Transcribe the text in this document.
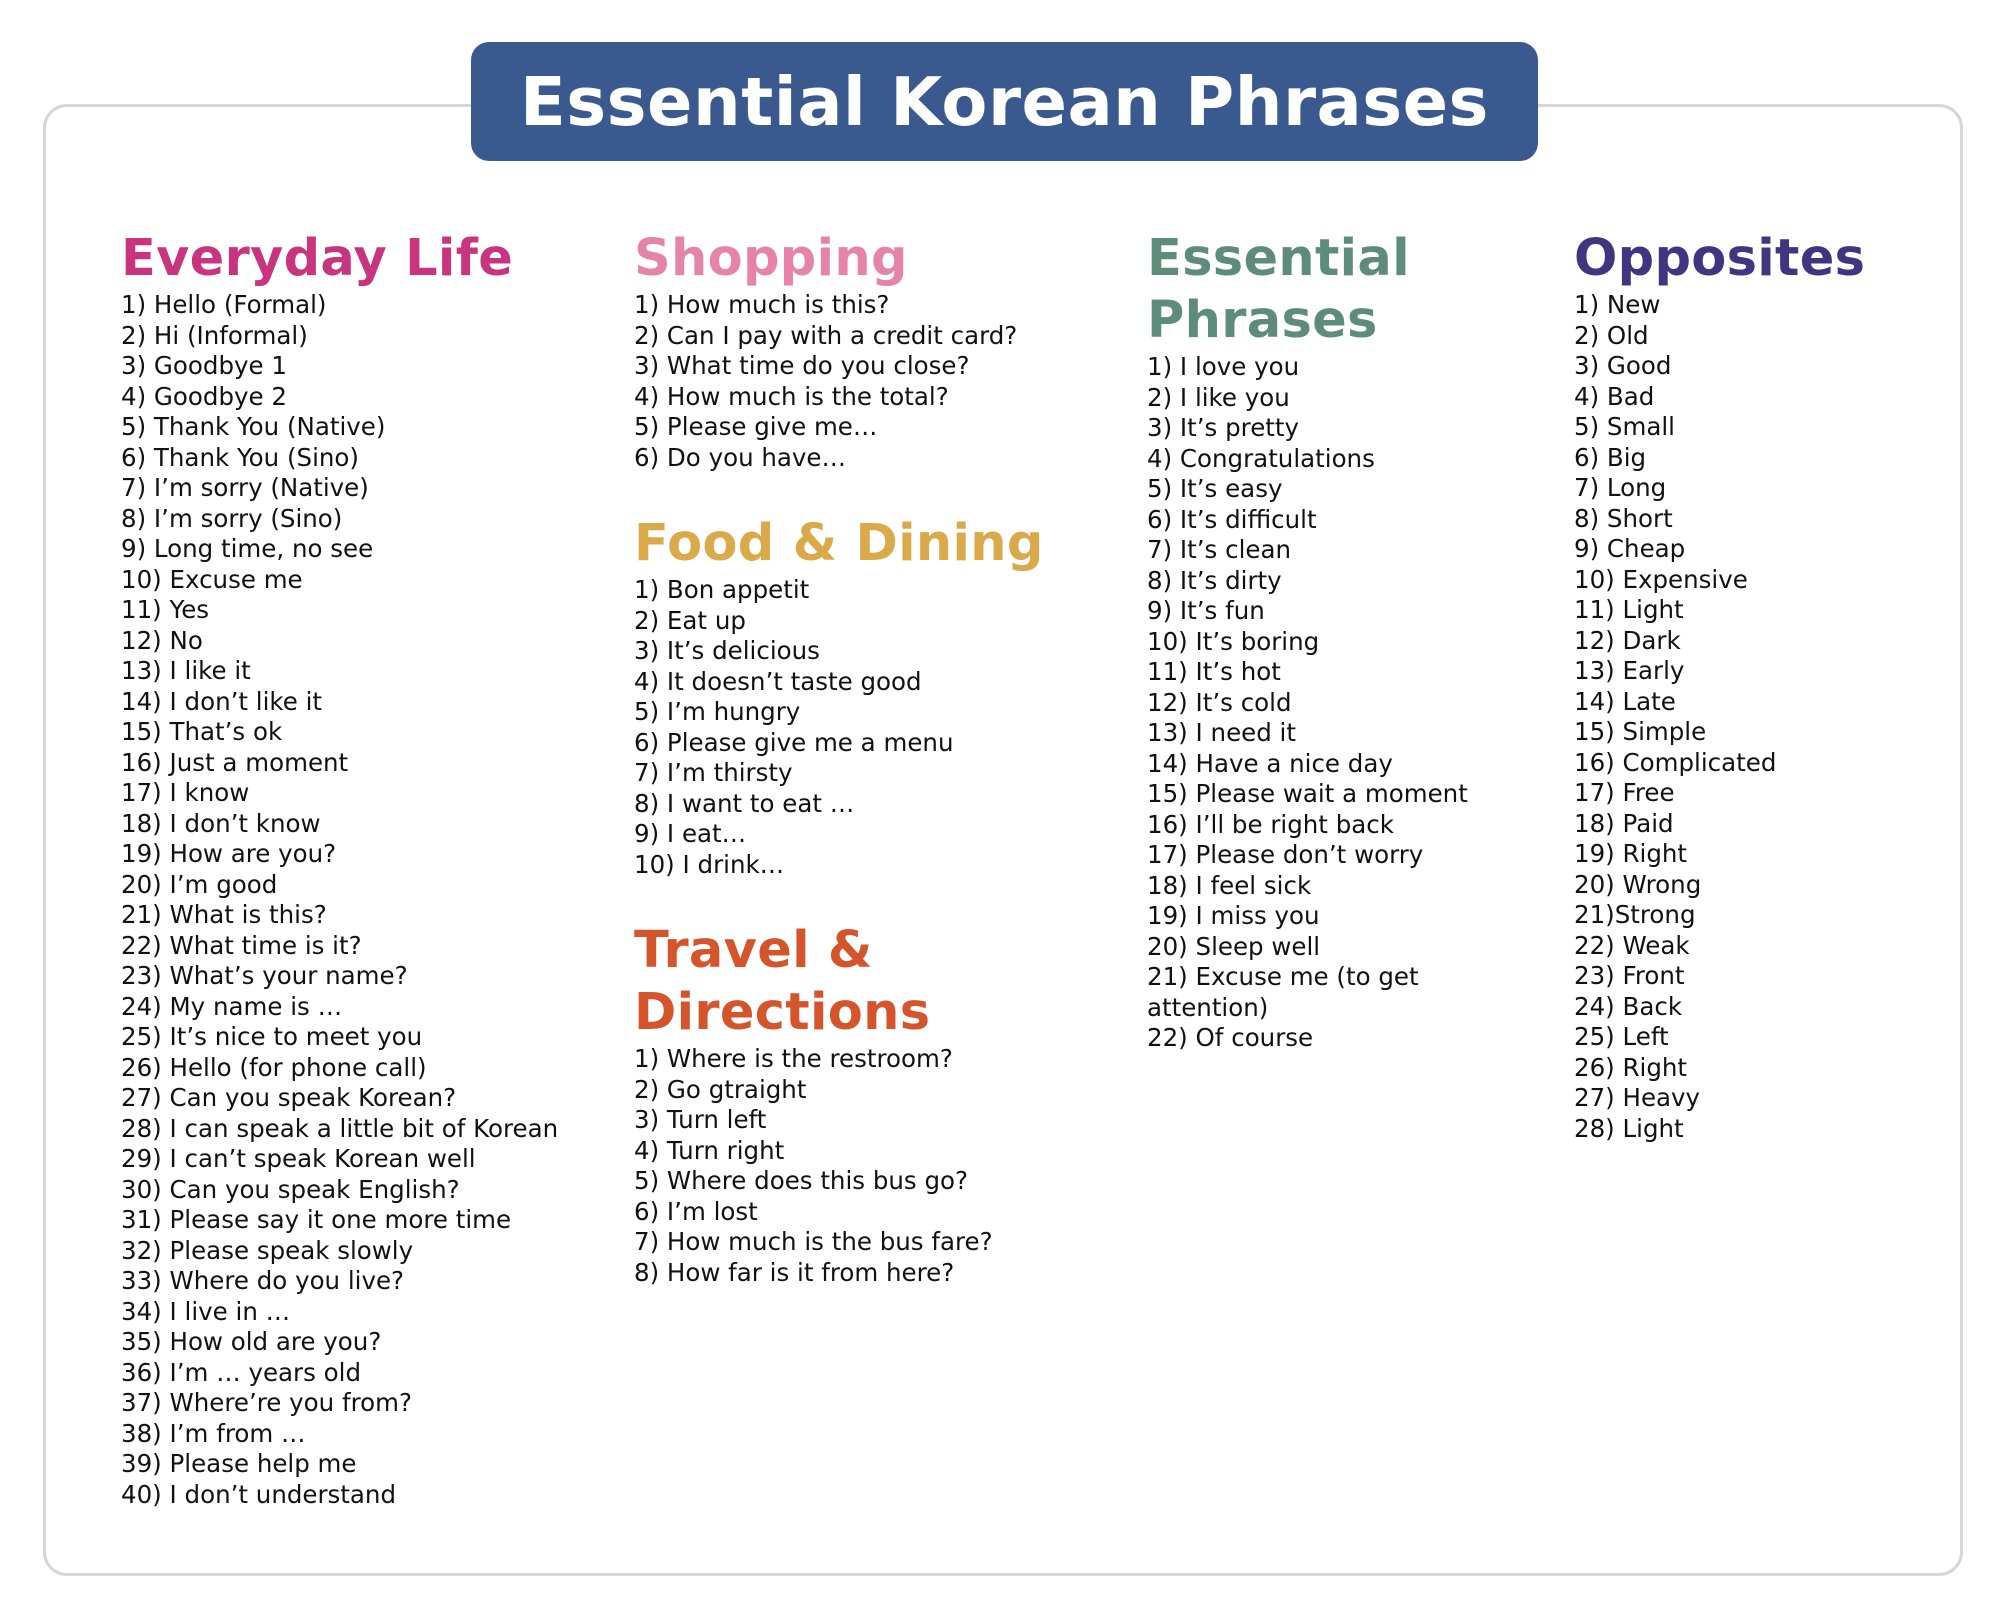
Essential Korean Phrases
Everyday Life
1) Hello (Formal)
2) Hi (Informal)
3) Goodbye 1
4) Goodbye 2
5) Thank You (Native)
6) Thank You (Sino)
7) I’m sorry (Native)
8) I’m sorry (Sino)
9) Long time, no see
10) Excuse me
11) Yes
12) No
13) I like it
14) I don’t like it
15) That’s ok
16) Just a moment
17) I know
18) I don’t know
19) How are you?
20) I’m good
21) What is this?
22) What time is it?
23) What’s your name?
24) My name is …
25) It’s nice to meet you
26) Hello (for phone call)
27) Can you speak Korean?
28) I can speak a little bit of Korean
29) I can’t speak Korean well
30) Can you speak English?
31) Please say it one more time
32) Please speak slowly
33) Where do you live?
34) I live in …
35) How old are you?
36) I’m … years old
37) Where’re you from?
38) I’m from …
39) Please help me
40) I don’t understand
Shopping
1) How much is this?
2) Can I pay with a credit card?
3) What time do you close?
4) How much is the total?
5) Please give me…
6) Do you have…
Food & Dining
1) Bon appetit
2) Eat up
3) It’s delicious
4) It doesn’t taste good
5) I’m hungry
6) Please give me a menu
7) I’m thirsty
8) I want to eat …
9) I eat…
10) I drink…
Travel &
Directions
1) Where is the restroom?
2) Go gtraight
3) Turn left
4) Turn right
5) Where does this bus go?
6) I’m lost
7) How much is the bus fare?
8) How far is it from here?
Essential
Phrases
1) I love you
2) I like you
3) It’s pretty
4) Congratulations
5) It’s easy
6) It’s difficult
7) It’s clean
8) It’s dirty
9) It’s fun
10) It’s boring
11) It’s hot
12) It’s cold
13) I need it
14) Have a nice day
15) Please wait a moment
16) I’ll be right back
17) Please don’t worry
18) I feel sick
19) I miss you
20) Sleep well
21) Excuse me (to get attention)
22) Of course
Opposites
1) New
2) Old
3) Good
4) Bad
5) Small
6) Big
7) Long
8) Short
9) Cheap
10) Expensive
11) Light
12) Dark
13) Early
14) Late
15) Simple
16) Complicated
17) Free
18) Paid
19) Right
20) Wrong
21)Strong
22) Weak
23) Front
24) Back
25) Left
26) Right
27) Heavy
28) Light
